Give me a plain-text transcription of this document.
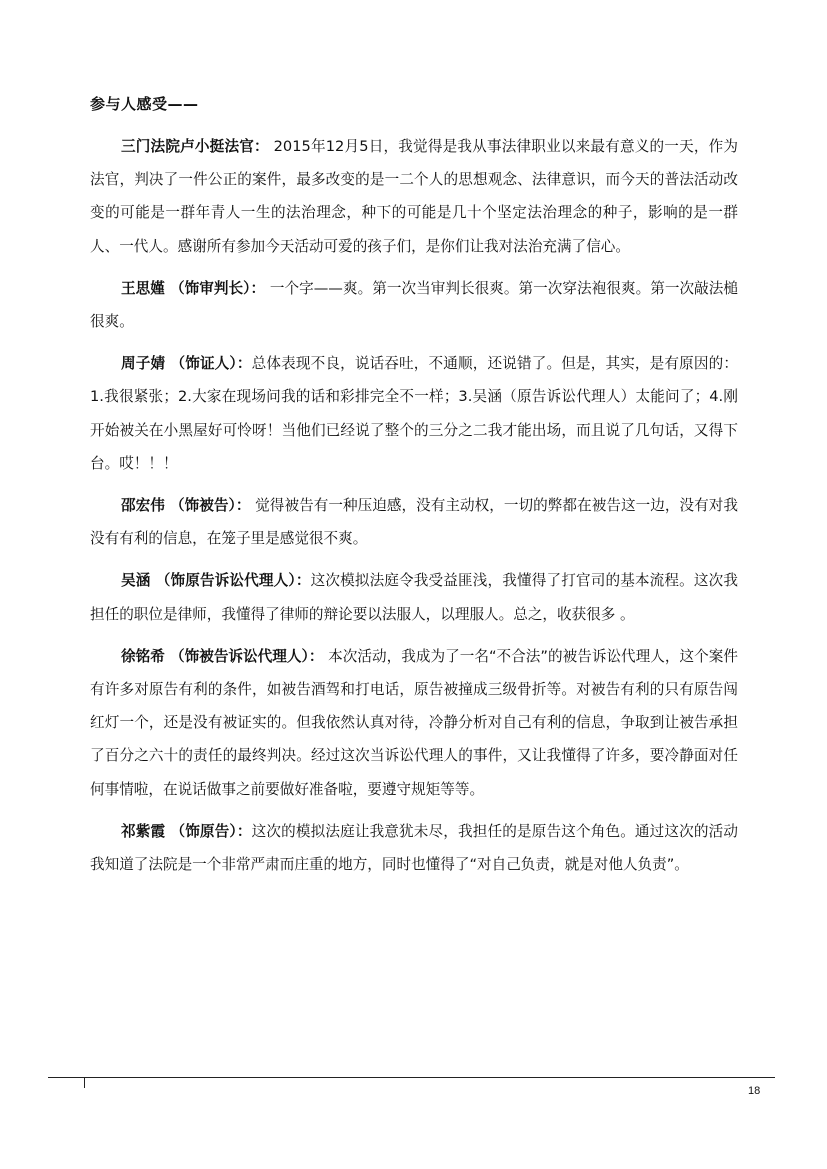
参与人感受——

三门法院卢小挺法官： 2015年12月5日，我觉得是我从事法律职业以来最有意义的一天，作为法官，判决了一件公正的案件，最多改变的是一二个人的思想观念、法律意识，而今天的普法活动改变的可能是一群年青人一生的法治理念，种下的可能是几十个坚定法治理念的种子，影响的是一群人、一代人。感谢所有参加今天活动可爱的孩子们，是你们让我对法治充满了信心。

王思嫤 （饰审判长）： 一个字——爽。第一次当审判长很爽。第一次穿法袍很爽。第一次敲法槌很爽。

周子婧 （饰证人）：总体表现不良，说话吞吐，不通顺，还说错了。但是，其实，是有原因的： 1.我很紧张；2.大家在现场问我的话和彩排完全不一样；3.吴涵（原告诉讼代理人）太能问了；4.刚开始被关在小黑屋好可怜呀！当他们已经说了整个的三分之二我才能出场，而且说了几句话，又得下台。哎！！！

邵宏伟 （饰被告）： 觉得被告有一种压迫感，没有主动权，一切的弊都在被告这一边，没有对我没有有利的信息，在笼子里是感觉很不爽。

吴涵 （饰原告诉讼代理人）：这次模拟法庭令我受益匪浅，我懂得了打官司的基本流程。这次我担任的职位是律师，我懂得了律师的辩论要以法服人，以理服人。总之，收获很多 。

徐铭希 （饰被告诉讼代理人）： 本次活动，我成为了一名“不合法”的被告诉讼代理人，这个案件有许多对原告有利的条件，如被告酒驾和打电话，原告被撞成三级骨折等。对被告有利的只有原告闯红灯一个，还是没有被证实的。但我依然认真对待，冷静分析对自己有利的信息，争取到让被告承担了百分之六十的责任的最终判决。经过这次当诉讼代理人的事件，又让我懂得了许多，要冷静面对任何事情啦，在说话做事之前要做好准备啦，要遵守规矩等等。

祁紫霞 （饰原告）：这次的模拟法庭让我意犹未尽，我担任的是原告这个角色。通过这次的活动我知道了法院是一个非常严肃而庄重的地方，同时也懂得了“对自己负责，就是对他人负责”。

18
